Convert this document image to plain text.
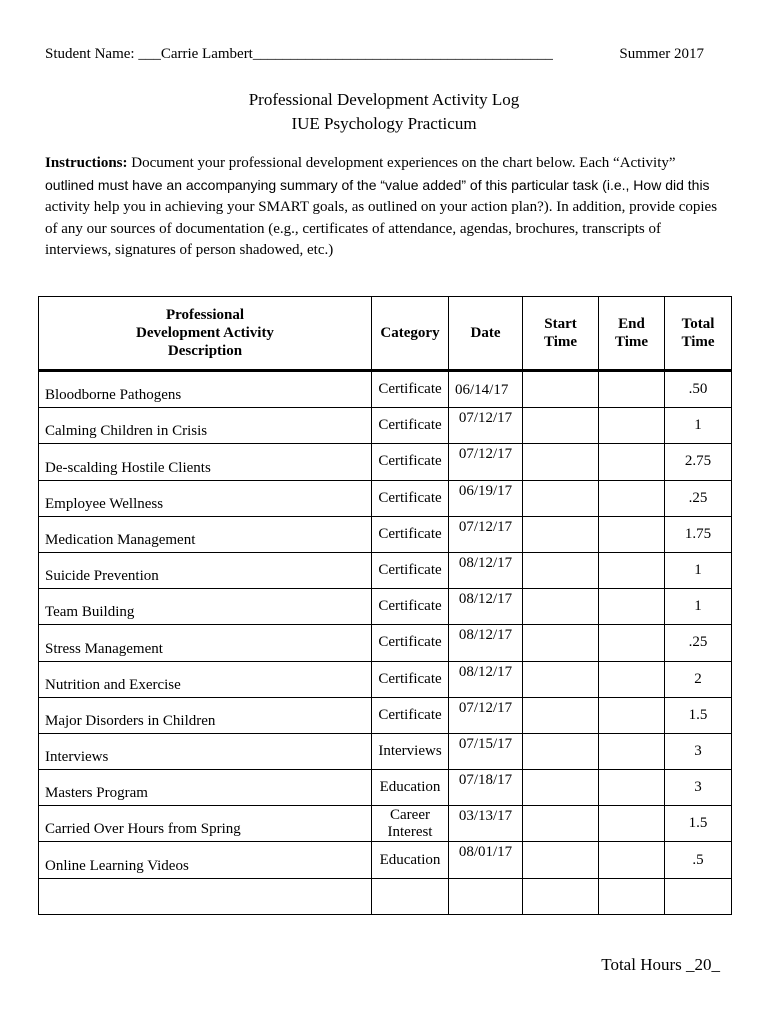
Student Name: ___Carrie Lambert________________________________________	Summer 2017
Professional Development Activity Log
IUE Psychology Practicum
Instructions: Document your professional development experiences on the chart below. Each “Activity” outlined must have an accompanying summary of the “value added” of this particular task (i.e., How did this activity help you in achieving your SMART goals, as outlined on your action plan?). In addition, provide copies of any our sources of documentation (e.g., certificates of attendance, agendas, brochures, transcripts of interviews, signatures of person shadowed, etc.)
Professional Development Activity Description	Category	Date	Start Time	End Time	Total Time

Bloodborne Pathogens	Certificate	06/14/17			.50

Calming Children in Crisis	Certificate	07/12/17			1

De-scalding Hostile Clients	Certificate	07/12/17			2.75

Employee Wellness	Certificate	06/19/17			.25

Medication Management	Certificate	07/12/17			1.75

Suicide Prevention	Certificate	08/12/17			1

Team Building	Certificate	08/12/17			1

Stress Management	Certificate	08/12/17			.25

Nutrition and Exercise	Certificate	08/12/17			2

Major Disorders in Children	Certificate	07/12/17			1.5

Interviews	Interviews	07/15/17			3

Masters Program	Education	07/18/17			3

Carried Over Hours from Spring	Career Interest	03/13/17			1.5

Online Learning Videos	Education	08/01/17			.5

Total Hours _20_
